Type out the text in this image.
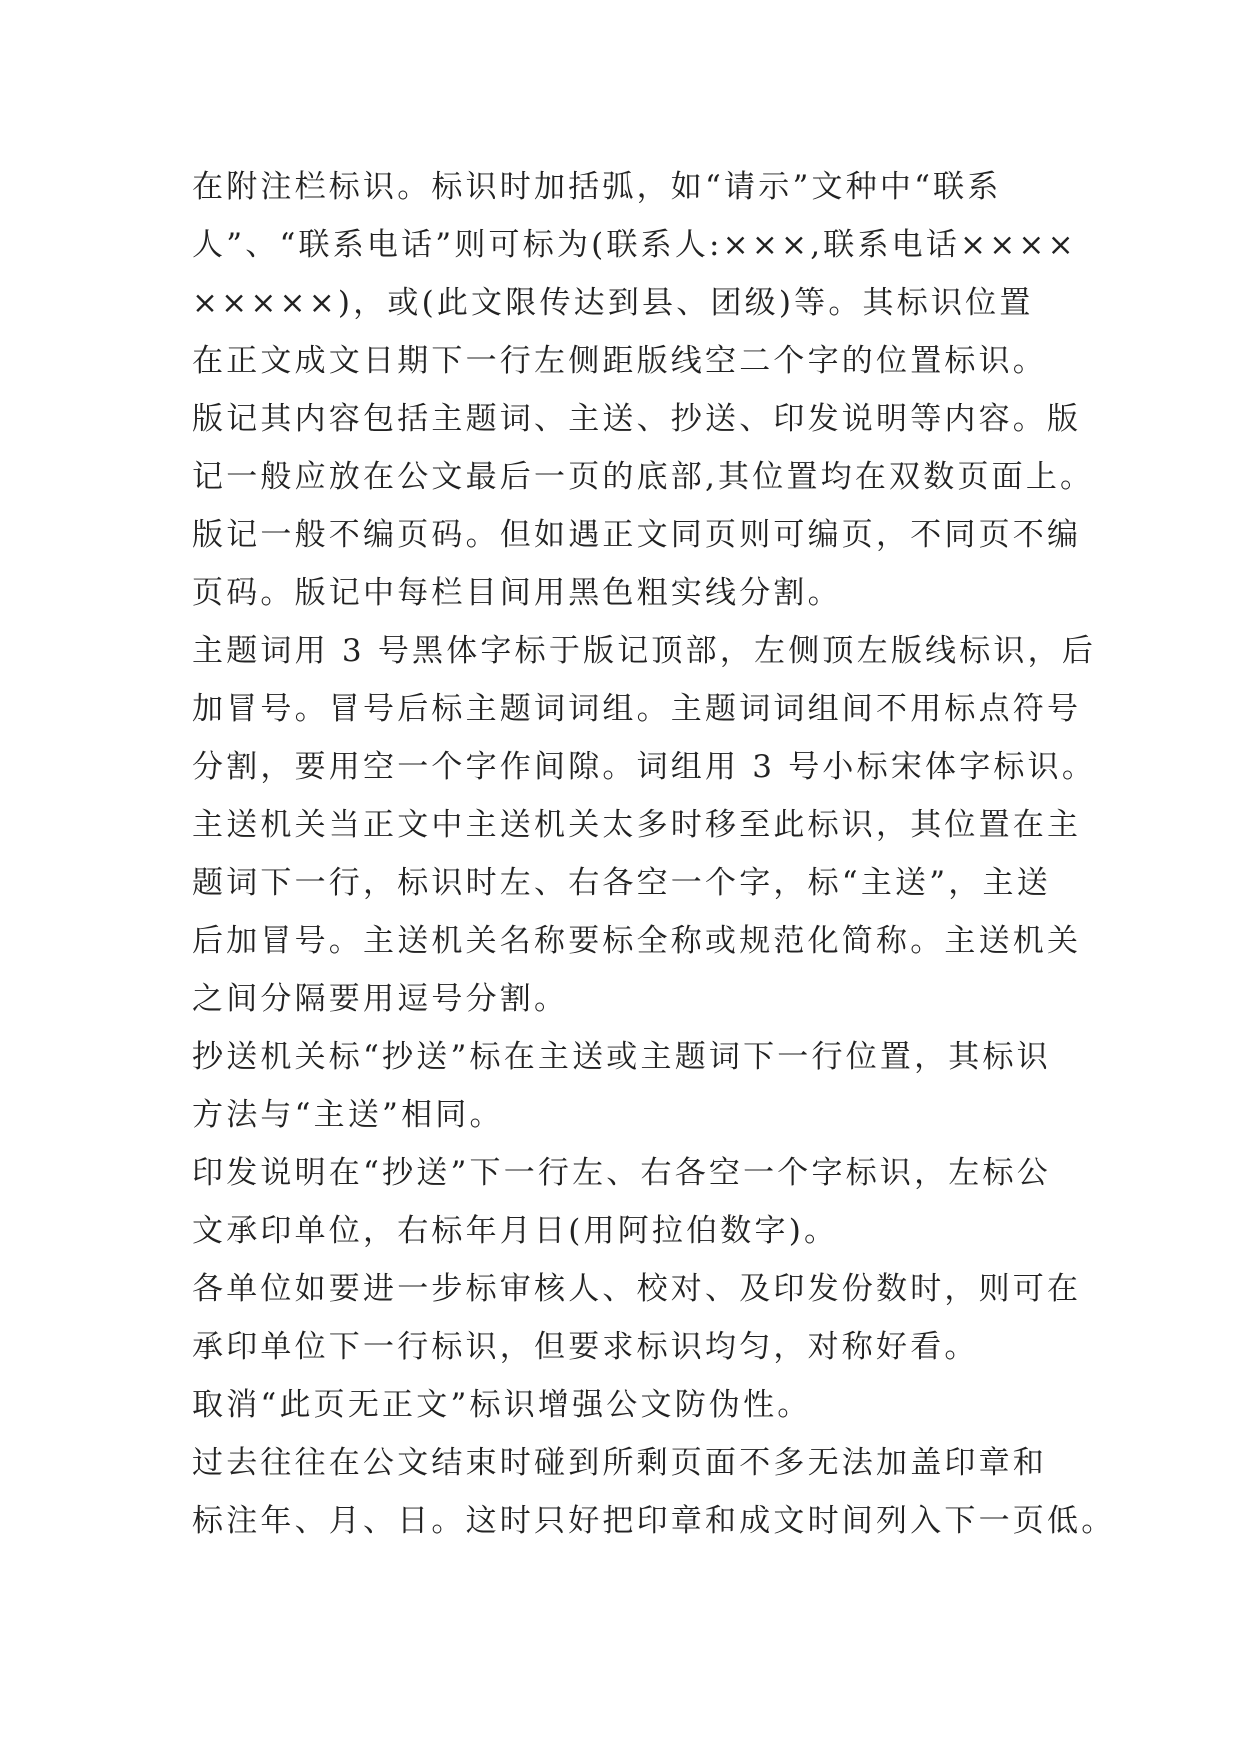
在附注栏标识。标识时加括弧，如“请示”文种中“联系
人”、“联系电话”则可标为(联系人:×××,联系电话××××
×××××)，或(此文限传达到县、团级)等。其标识位置
在正文成文日期下一行左侧距版线空二个字的位置标识。
版记其内容包括主题词、主送、抄送、印发说明等内容。版
记一般应放在公文最后一页的底部,其位置均在双数页面上。
版记一般不编页码。但如遇正文同页则可编页，不同页不编
页码。版记中每栏目间用黑色粗实线分割。
主题词用 3 号黑体字标于版记顶部，左侧顶左版线标识，后
加冒号。冒号后标主题词词组。主题词词组间不用标点符号
分割，要用空一个字作间隙。词组用 3 号小标宋体字标识。
主送机关当正文中主送机关太多时移至此标识，其位置在主
题词下一行，标识时左、右各空一个字，标“主送”，主送
后加冒号。主送机关名称要标全称或规范化简称。主送机关
之间分隔要用逗号分割。
抄送机关标“抄送”标在主送或主题词下一行位置，其标识
方法与“主送”相同。
印发说明在“抄送”下一行左、右各空一个字标识，左标公
文承印单位，右标年月日(用阿拉伯数字)。
各单位如要进一步标审核人、校对、及印发份数时，则可在
承印单位下一行标识，但要求标识均匀，对称好看。
取消“此页无正文”标识增强公文防伪性。
过去往往在公文结束时碰到所剩页面不多无法加盖印章和
标注年、月、日。这时只好把印章和成文时间列入下一页低。
